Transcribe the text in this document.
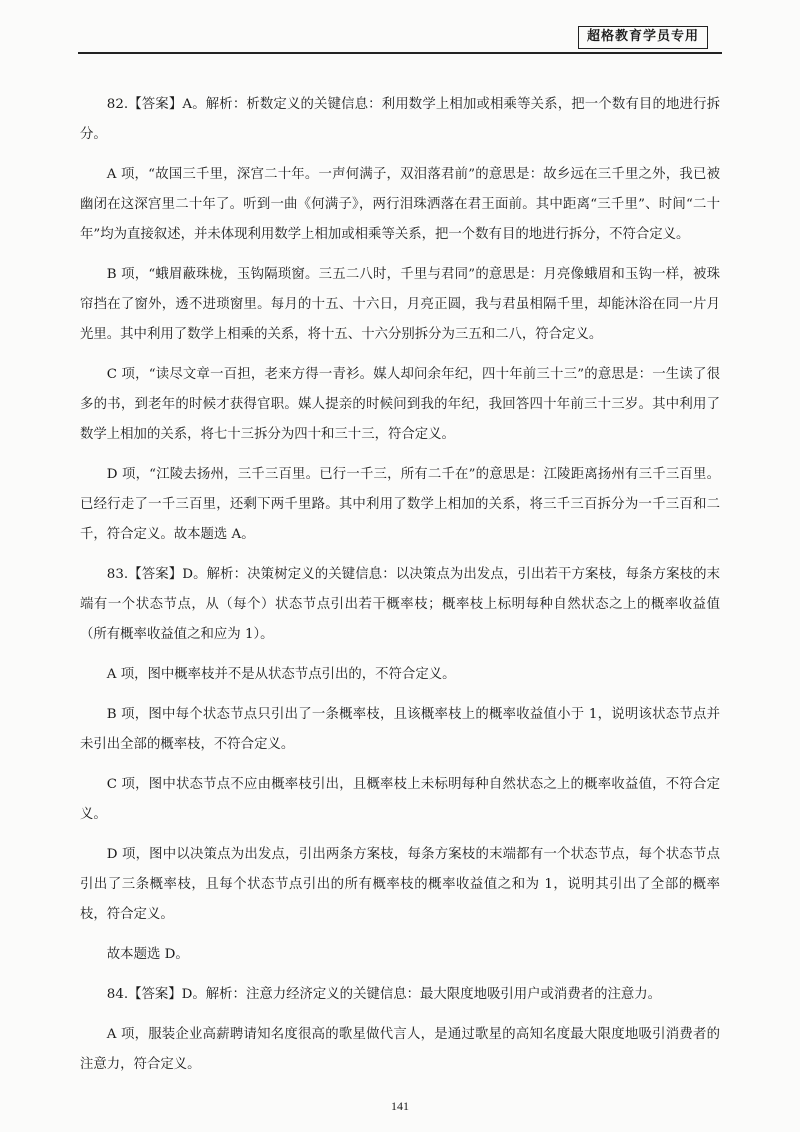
超格教育学员专用

82.【答案】A。解析：析数定义的关键信息：利用数学上相加或相乘等关系，把一个数有目的地进行拆分。

A 项，“故国三千里，深宫二十年。一声何满子，双泪落君前”的意思是：故乡远在三千里之外，我已被幽闭在这深宫里二十年了。听到一曲《何满子》，两行泪珠洒落在君王面前。其中距离“三千里”、时间“二十年”均为直接叙述，并未体现利用数学上相加或相乘等关系，把一个数有目的地进行拆分，不符合定义。

B 项，“蛾眉蔽珠栊，玉钩隔琐窗。三五二八时，千里与君同”的意思是：月亮像蛾眉和玉钩一样，被珠帘挡在了窗外，透不进琐窗里。每月的十五、十六日，月亮正圆，我与君虽相隔千里，却能沐浴在同一片月光里。其中利用了数学上相乘的关系，将十五、十六分别拆分为三五和二八，符合定义。

C 项，“读尽文章一百担，老来方得一青衫。媒人却问余年纪，四十年前三十三”的意思是：一生读了很多的书，到老年的时候才获得官职。媒人提亲的时候问到我的年纪，我回答四十年前三十三岁。其中利用了数学上相加的关系，将七十三拆分为四十和三十三，符合定义。

D 项，“江陵去扬州，三千三百里。已行一千三，所有二千在”的意思是：江陵距离扬州有三千三百里。已经行走了一千三百里，还剩下两千里路。其中利用了数学上相加的关系，将三千三百拆分为一千三百和二千，符合定义。故本题选 A。

83.【答案】D。解析：决策树定义的关键信息：以决策点为出发点，引出若干方案枝，每条方案枝的末端有一个状态节点，从（每个）状态节点引出若干概率枝；概率枝上标明每种自然状态之上的概率收益值（所有概率收益值之和应为 1）。

A 项，图中概率枝并不是从状态节点引出的，不符合定义。

B 项，图中每个状态节点只引出了一条概率枝，且该概率枝上的概率收益值小于 1，说明该状态节点并未引出全部的概率枝，不符合定义。

C 项，图中状态节点不应由概率枝引出，且概率枝上未标明每种自然状态之上的概率收益值，不符合定义。

D 项，图中以决策点为出发点，引出两条方案枝，每条方案枝的末端都有一个状态节点，每个状态节点引出了三条概率枝，且每个状态节点引出的所有概率枝的概率收益值之和为 1，说明其引出了全部的概率枝，符合定义。

故本题选 D。

84.【答案】D。解析：注意力经济定义的关键信息：最大限度地吸引用户或消费者的注意力。

A 项，服装企业高薪聘请知名度很高的歌星做代言人，是通过歌星的高知名度最大限度地吸引消费者的注意力，符合定义。

141
